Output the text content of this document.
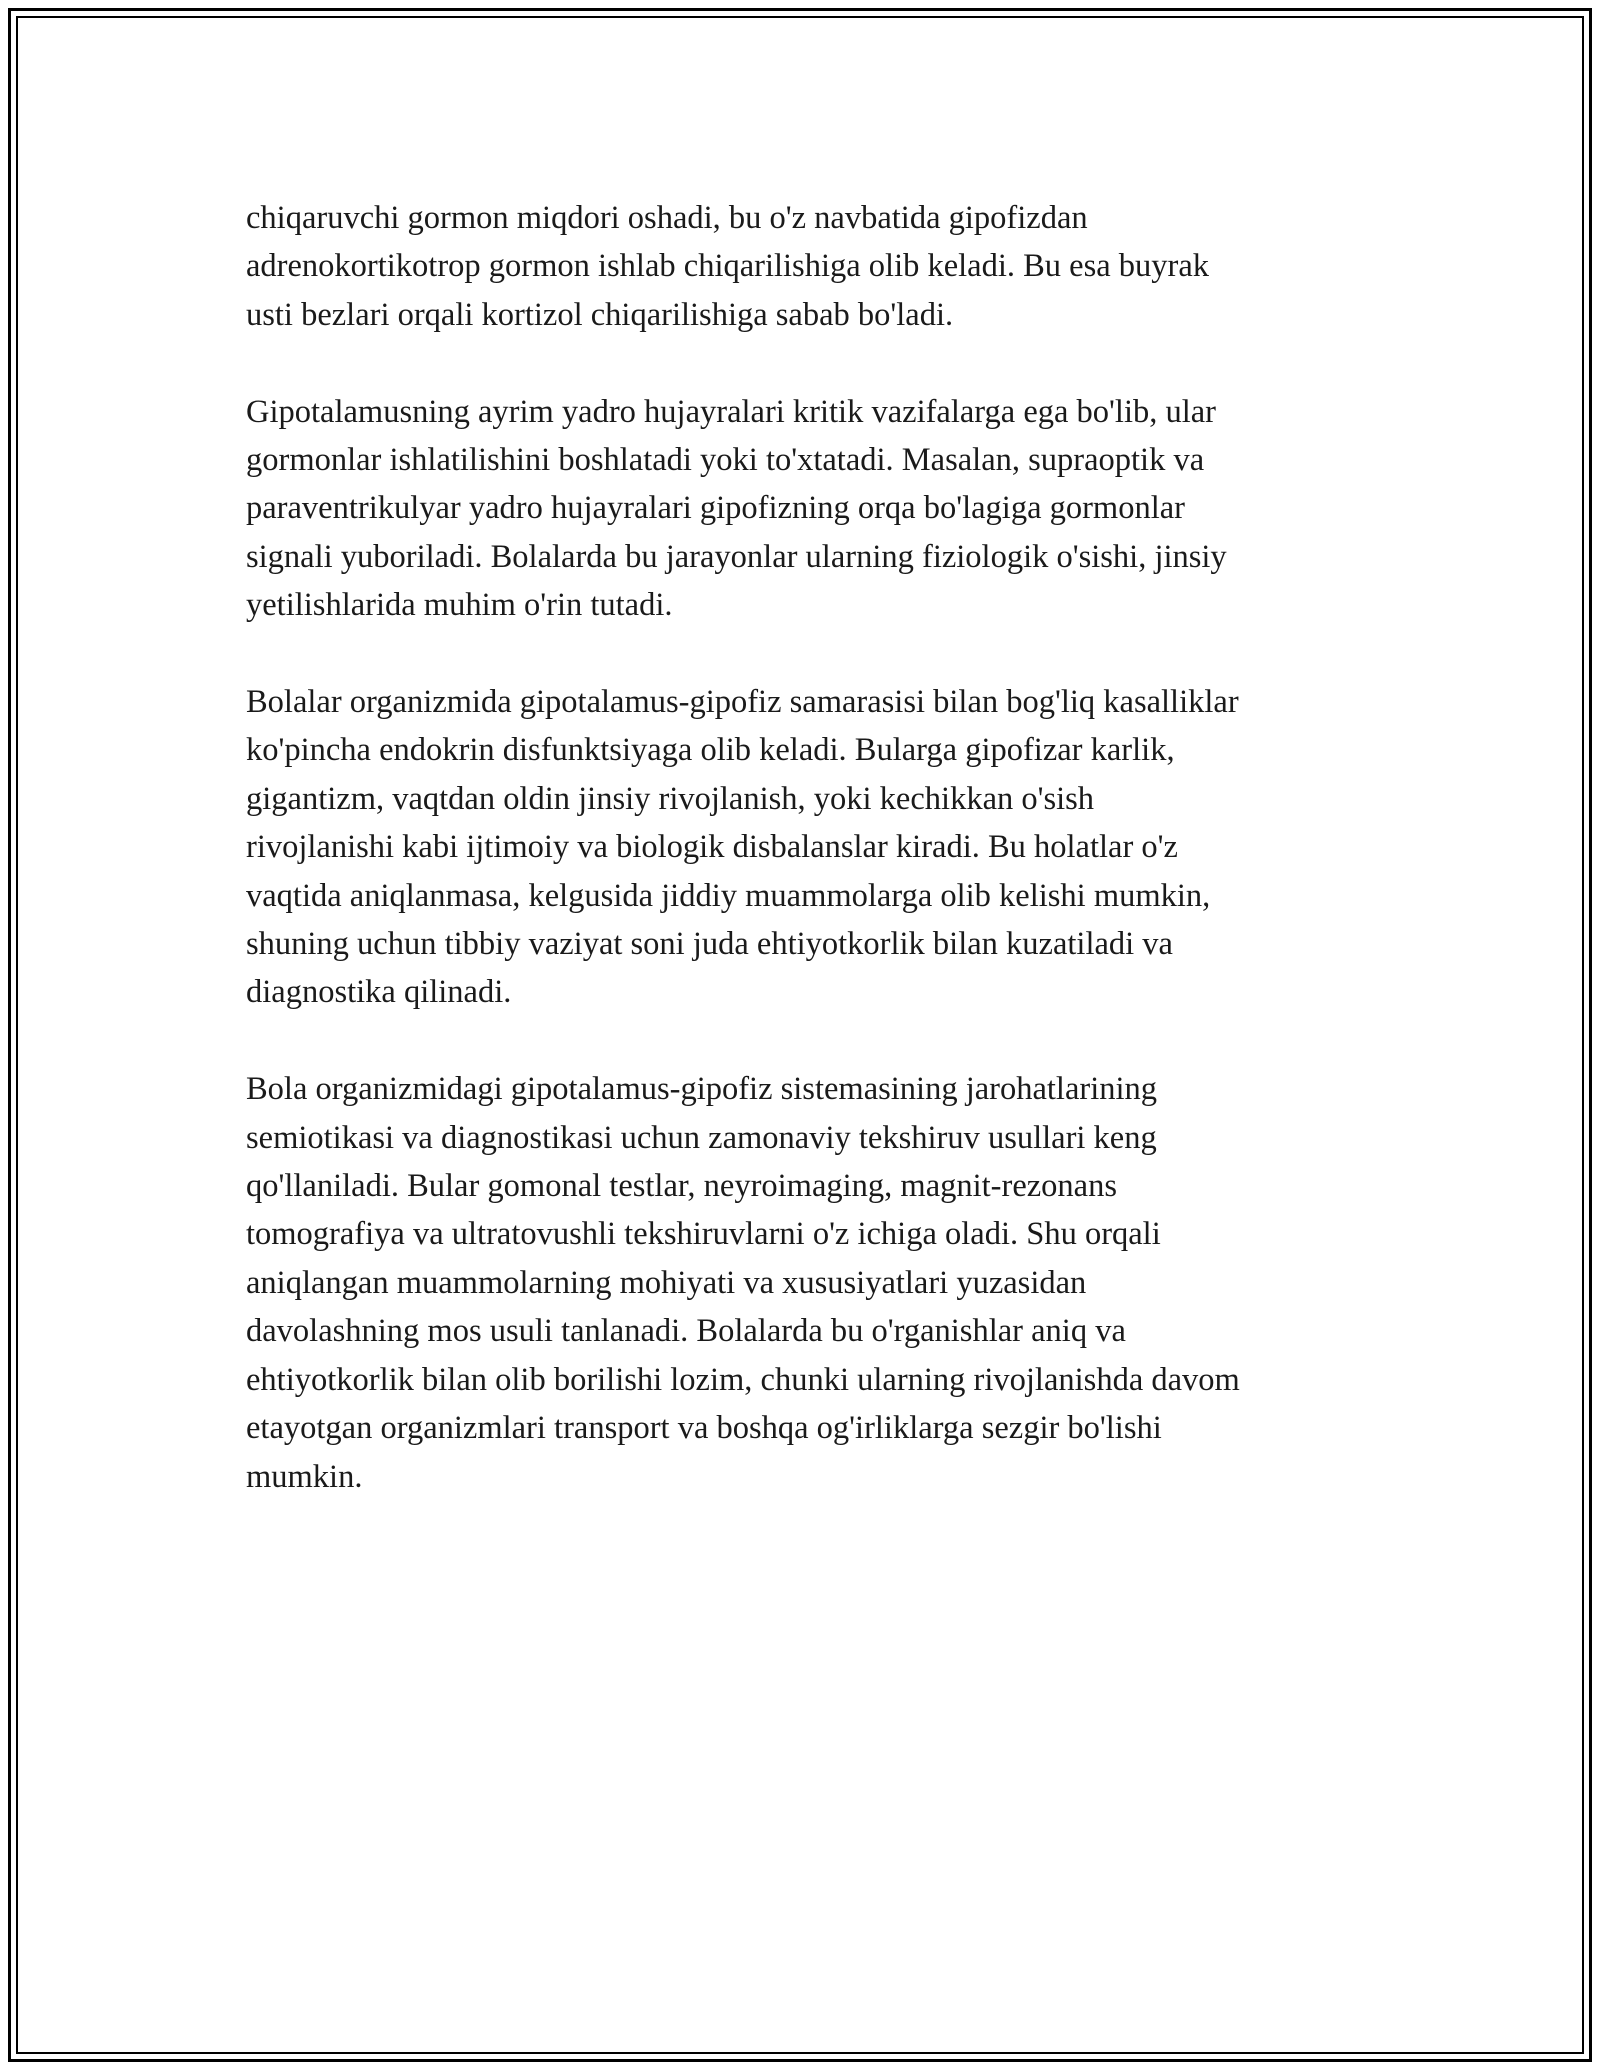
chiqaruvchi gormon miqdori oshadi, bu o'z navbatida gipofizdan
adrenokortikotrop gormon ishlab chiqarilishiga olib keladi. Bu esa buyrak
usti bezlari orqali kortizol chiqarilishiga sabab bo'ladi.

Gipotalamusning ayrim yadro hujayralari kritik vazifalarga ega bo'lib, ular
gormonlar ishlatilishini boshlatadi yoki to'xtatadi. Masalan, supraoptik va
paraventrikulyar yadro hujayralari gipofizning orqa bo'lagiga gormonlar
signali yuboriladi. Bolalarda bu jarayonlar ularning fiziologik o'sishi, jinsiy
yetilishlarida muhim o'rin tutadi.

Bolalar organizmida gipotalamus-gipofiz samarasisi bilan bog'liq kasalliklar
ko'pincha endokrin disfunktsiyaga olib keladi. Bularga gipofizar karlik,
gigantizm, vaqtdan oldin jinsiy rivojlanish, yoki kechikkan o'sish
rivojlanishi kabi ijtimoiy va biologik disbalanslar kiradi. Bu holatlar o'z
vaqtida aniqlanmasa, kelgusida jiddiy muammolarga olib kelishi mumkin,
shuning uchun tibbiy vaziyat soni juda ehtiyotkorlik bilan kuzatiladi va
diagnostika qilinadi.

Bola organizmidagi gipotalamus-gipofiz sistemasining jarohatlarining
semiotikasi va diagnostikasi uchun zamonaviy tekshiruv usullari keng
qo'llaniladi. Bular gomonal testlar, neyroimaging, magnit-rezonans
tomografiya va ultratovushli tekshiruvlarni o'z ichiga oladi. Shu orqali
aniqlangan muammolarning mohiyati va xususiyatlari yuzasidan
davolashning mos usuli tanlanadi. Bolalarda bu o'rganishlar aniq va
ehtiyotkorlik bilan olib borilishi lozim, chunki ularning rivojlanishda davom
etayotgan organizmlari transport va boshqa og'irliklarga sezgir bo'lishi
mumkin.
